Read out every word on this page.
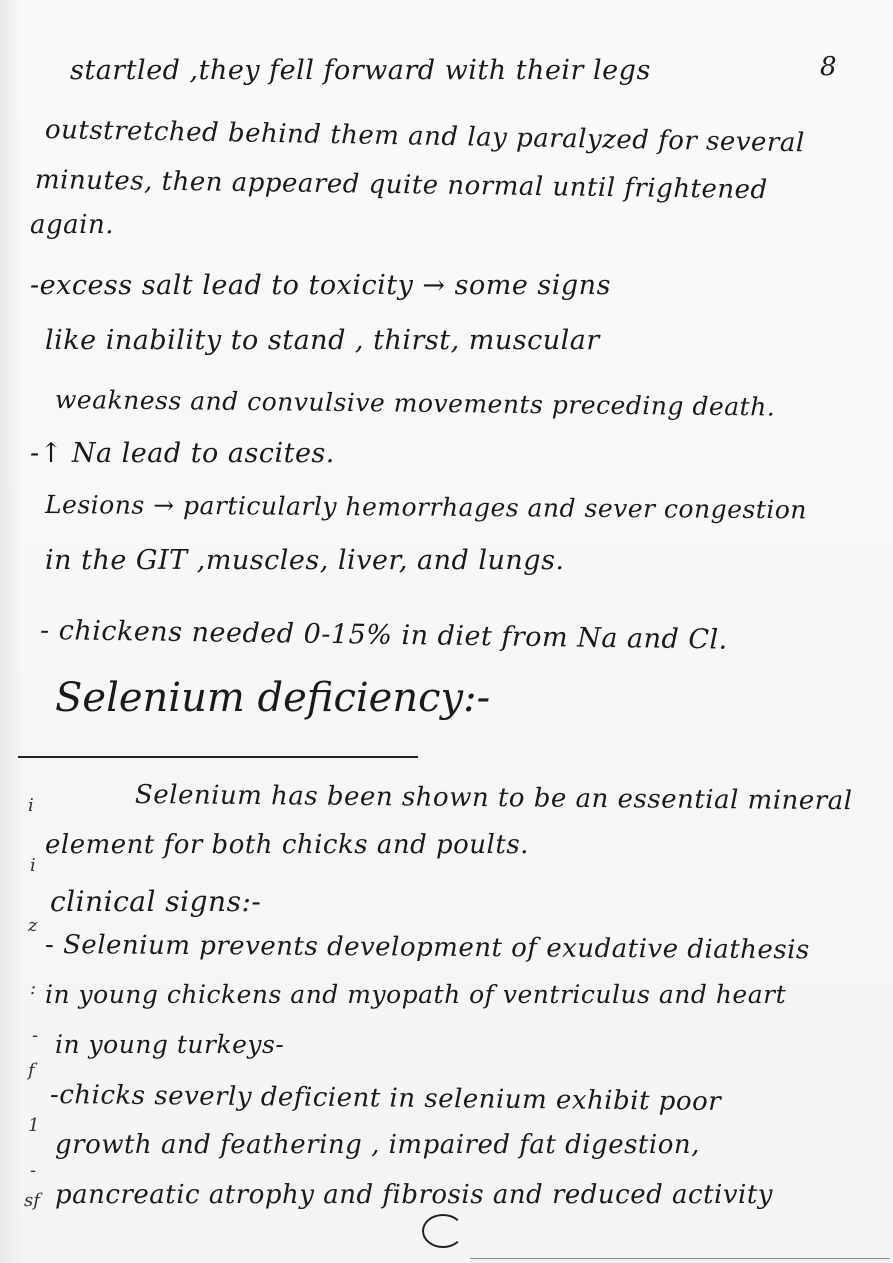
8
startled ,they fell forward with their legs
outstretched behind them and lay paralyzed for several
minutes, then appeared quite normal until frightened
again.
-excess salt lead to toxicity → some signs
like inability to stand , thirst, muscular
weakness and convulsive movements preceding death.
-↑ Na lead to ascites.
Lesions → particularly hemorrhages and sever congestion
in the GIT ,muscles, liver, and lungs.
- chickens needed 0-15% in diet from Na and Cl.
Selenium deficiency:-
Selenium has been shown to be an essential mineral
element for both chicks and poults.
clinical signs:-
- Selenium prevents development of exudative diathesis
in young chickens and myopath of ventriculus and heart
in young turkeys-
-chicks severly deficient in selenium exhibit poor
growth and feathering , impaired fat digestion,
pancreatic atrophy and fibrosis and reduced activity
i
i
z
:
-
f
1
-
sf
